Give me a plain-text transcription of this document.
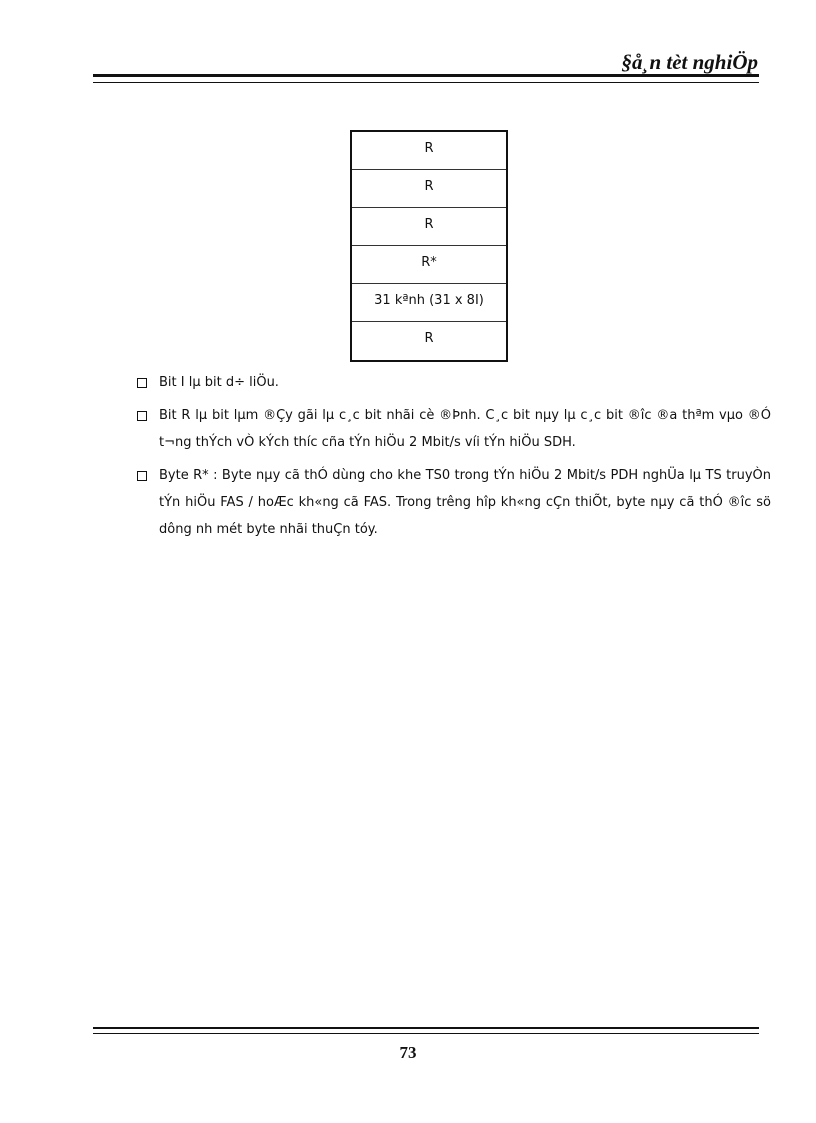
§å¸n tèt nghiÖp
R
R
R
R*
31 kªnh (31 x 8I)
R
Bit I lµ bit d÷ liÖu.
Bit R lµ bit lµm ®Çy gãi lµ c¸c bit nhãi cè ®Þnh. C¸c bit nµy lµ c¸c bit ®îc ®a thªm vµo ®Ó t¬ng thÝch vÒ kÝch thíc cña tÝn hiÖu 2 Mbit/s víi tÝn hiÖu SDH.
Byte R* : Byte nµy cã thÓ dùng cho khe TS0 trong tÝn hiÖu 2 Mbit/s PDH nghÜa lµ TS truyÒn tÝn hiÖu FAS / hoÆc kh«ng cã FAS. Trong trêng hîp kh«ng cÇn thiÕt, byte nµy cã thÓ ®îc sö dông nh mét byte nhãi thuÇn tóy.
73
